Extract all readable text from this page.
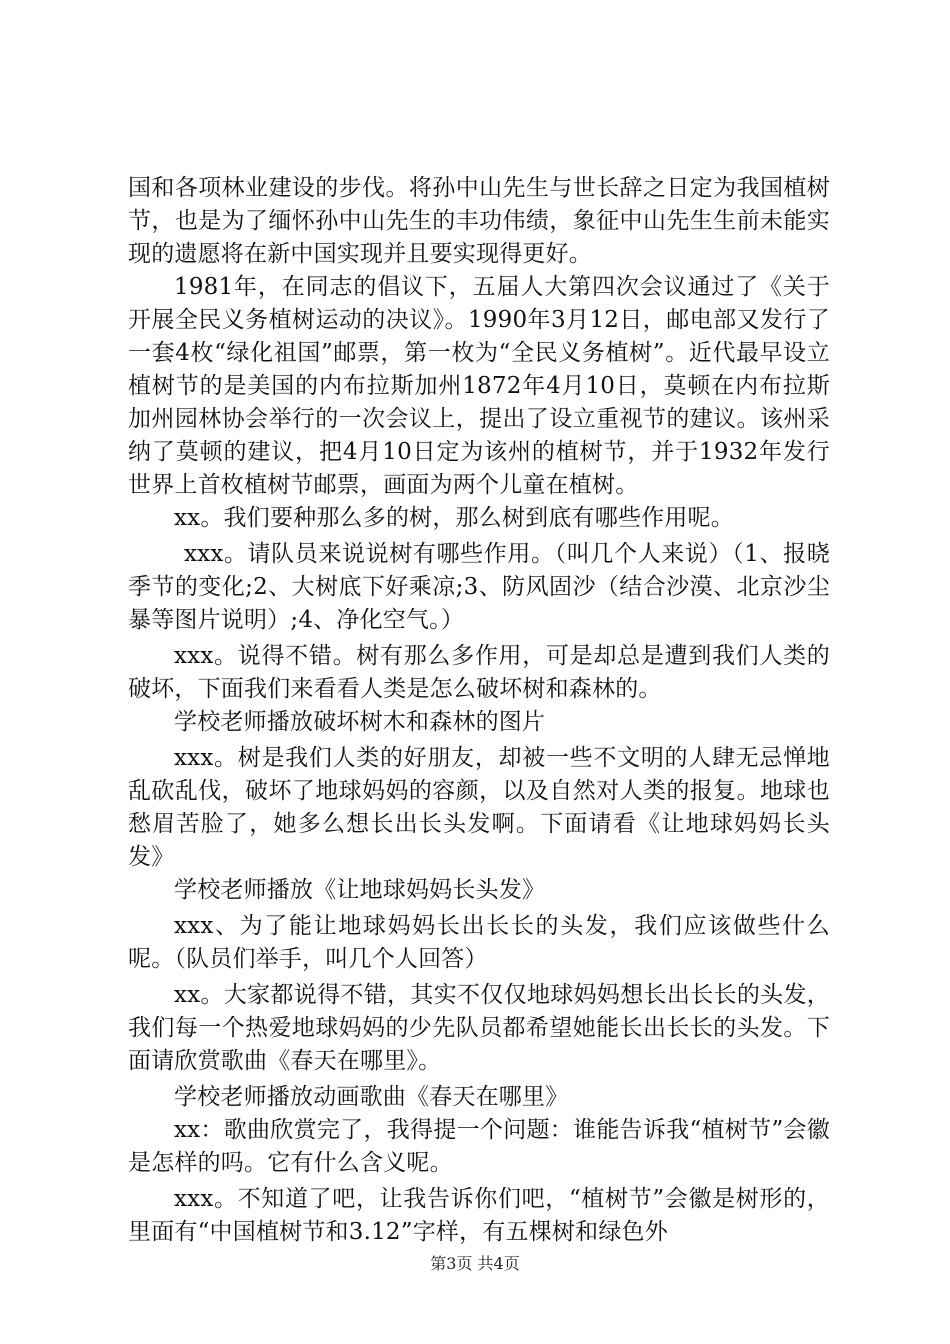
国和各项林业建设的步伐。将孙中山先生与世长辞之日定为我国植树节，也是为了缅怀孙中山先生的丰功伟绩，象征中山先生生前未能实现的遗愿将在新中国实现并且要实现得更好。

1981年，在同志的倡议下，五届人大第四次会议通过了《关于开展全民义务植树运动的决议》。1990年3月12日，邮电部又发行了一套4枚“绿化祖国”邮票，第一枚为“全民义务植树”。近代最早设立植树节的是美国的内布拉斯加州1872年4月10日，莫顿在内布拉斯加州园林协会举行的一次会议上，提出了设立重视节的建议。该州采纳了莫顿的建议，把4月10日定为该州的植树节，并于1932年发行世界上首枚植树节邮票，画面为两个儿童在植树。

xx。我们要种那么多的树，那么树到底有哪些作用呢。

xxx。请队员来说说树有哪些作用。（叫几个人来说）（1、报晓季节的变化;2、大树底下好乘凉;3、防风固沙（结合沙漠、北京沙尘暴等图片说明）;4、净化空气。）

xxx。说得不错。树有那么多作用，可是却总是遭到我们人类的破坏，下面我们来看看人类是怎么破坏树和森林的。

学校老师播放破坏树木和森林的图片

xxx。树是我们人类的好朋友，却被一些不文明的人肆无忌惮地乱砍乱伐，破坏了地球妈妈的容颜，以及自然对人类的报复。地球也愁眉苦脸了，她多么想长出长头发啊。下面请看《让地球妈妈长头发》

学校老师播放《让地球妈妈长头发》

xxx、为了能让地球妈妈长出长长的头发，我们应该做些什么呢。（队员们举手，叫几个人回答）

xx。大家都说得不错，其实不仅仅地球妈妈想长出长长的头发，我们每一个热爱地球妈妈的少先队员都希望她能长出长长的头发。下面请欣赏歌曲《春天在哪里》。

学校老师播放动画歌曲《春天在哪里》

xx：歌曲欣赏完了，我得提一个问题：谁能告诉我“植树节”会徽是怎样的吗。它有什么含义呢。

xxx。不知道了吧，让我告诉你们吧，“植树节”会徽是树形的，里面有“中国植树节和3.12”字样，有五棵树和绿色外

第3页 共4页
